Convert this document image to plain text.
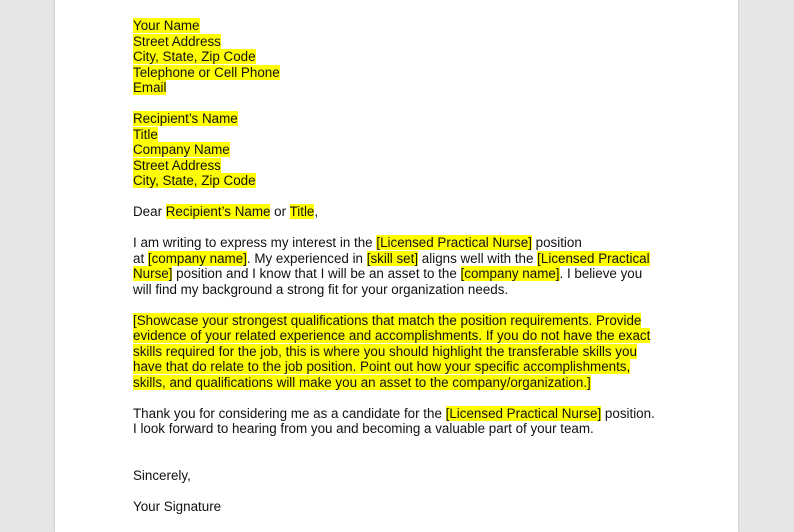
Your Name
Street Address
City, State, Zip Code
Telephone or Cell Phone
Email
Recipient’s Name
Title
Company Name
Street Address
City, State, Zip Code
Dear Recipient’s Name or Title,
I am writing to express my interest in the [Licensed Practical Nurse] position
at [company name]. My experienced in [skill set] aligns well with the [Licensed Practical
Nurse] position and I know that I will be an asset to the [company name]. I believe you
will find my background a strong fit for your organization needs.
[Showcase your strongest qualifications that match the position requirements. Provide
evidence of your related experience and accomplishments. If you do not have the exact
skills required for the job, this is where you should highlight the transferable skills you
have that do relate to the job position. Point out how your specific accomplishments,
skills, and qualifications will make you an asset to the company/organization.]
Thank you for considering me as a candidate for the [Licensed Practical Nurse] position.
I look forward to hearing from you and becoming a valuable part of your team.
Sincerely,
Your Signature
